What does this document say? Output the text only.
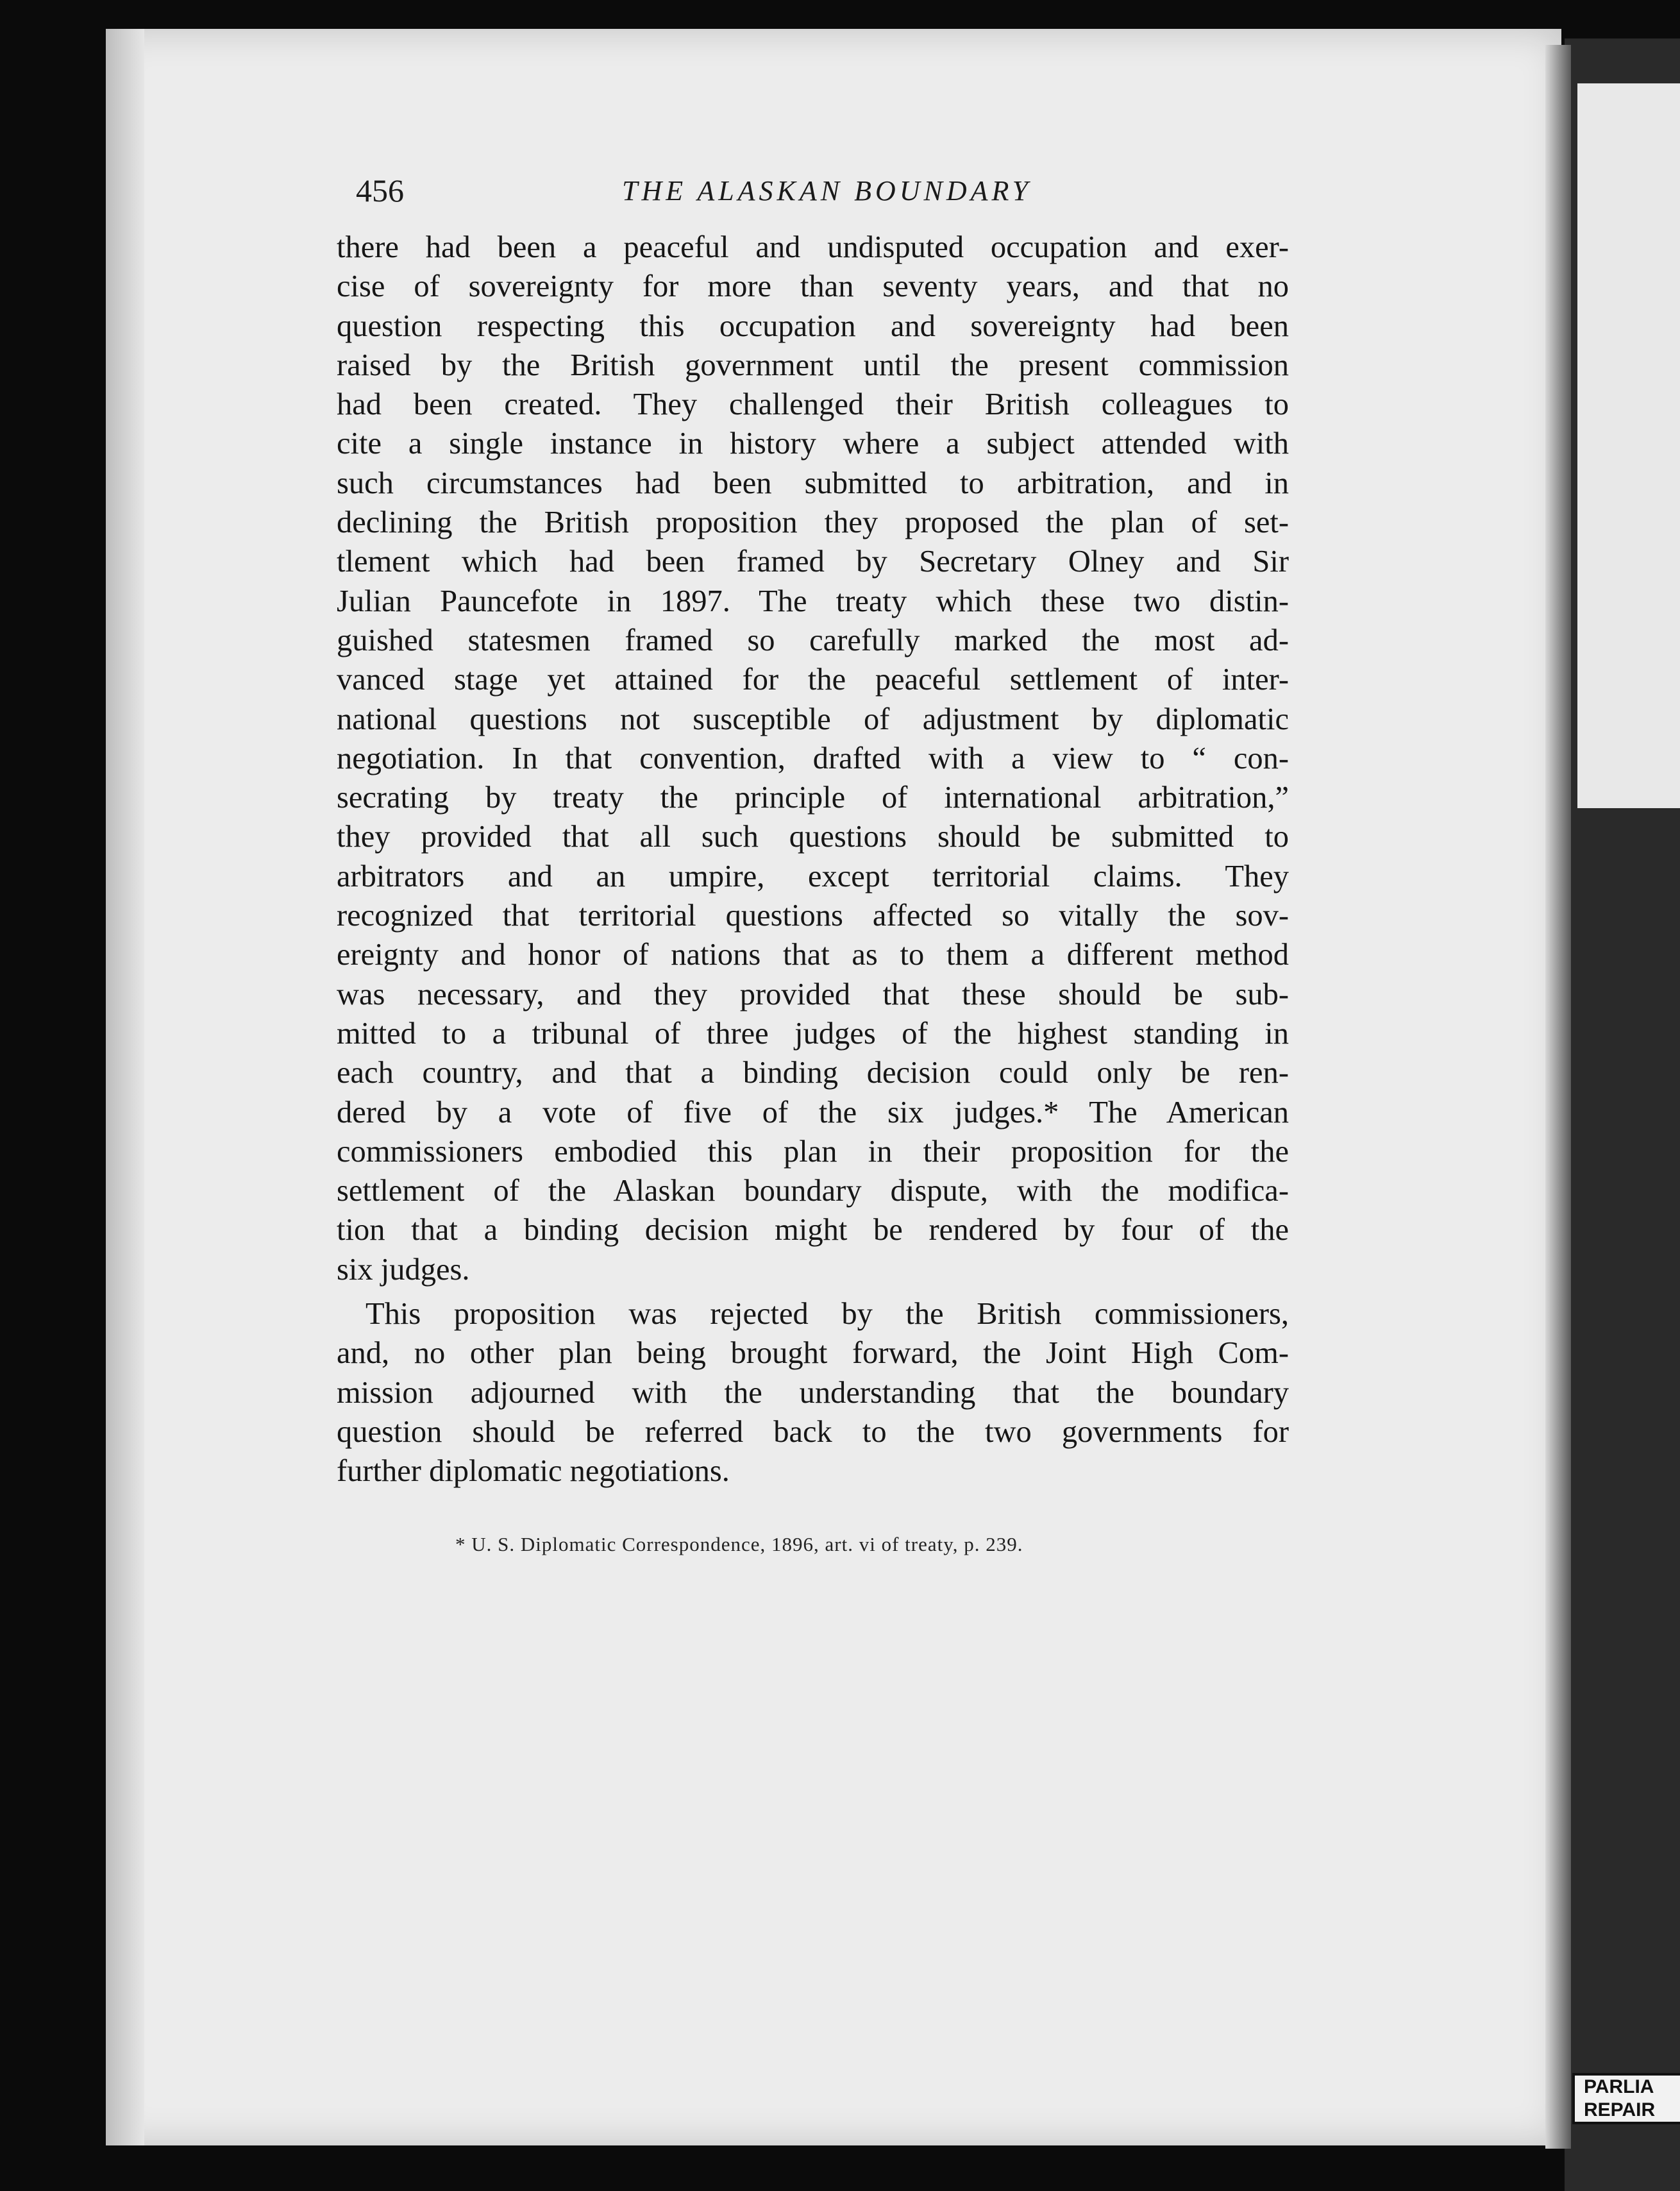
456	THE ALASKAN BOUNDARY
there had been a peaceful and undisputed occupation and exer-
cise of sovereignty for more than seventy years, and that no
question respecting this occupation and sovereignty had been
raised by the British government until the present commission
had been created. They challenged their British colleagues to
cite a single instance in history where a subject attended with
such circumstances had been submitted to arbitration, and in
declining the British proposition they proposed the plan of set-
tlement which had been framed by Secretary Olney and Sir
Julian Pauncefote in 1897. The treaty which these two distin-
guished statesmen framed so carefully marked the most ad-
vanced stage yet attained for the peaceful settlement of inter-
national questions not susceptible of adjustment by diplomatic
negotiation. In that convention, drafted with a view to “ con-
secrating by treaty the principle of international arbitration,”
they provided that all such questions should be submitted to
arbitrators and an umpire, except territorial claims. They
recognized that territorial questions affected so vitally the sov-
ereignty and honor of nations that as to them a different method
was necessary, and they provided that these should be sub-
mitted to a tribunal of three judges of the highest standing in
each country, and that a binding decision could only be ren-
dered by a vote of five of the six judges.* The American
commissioners embodied this plan in their proposition for the
settlement of the Alaskan boundary dispute, with the modifica-
tion that a binding decision might be rendered by four of the
six judges.
This proposition was rejected by the British commissioners,
and, no other plan being brought forward, the Joint High Com-
mission adjourned with the understanding that the boundary
question should be referred back to the two governments for
further diplomatic negotiations.
* U. S. Diplomatic Correspondence, 1896, art. vi of treaty, p. 239.
PARLIA
REPAIR
